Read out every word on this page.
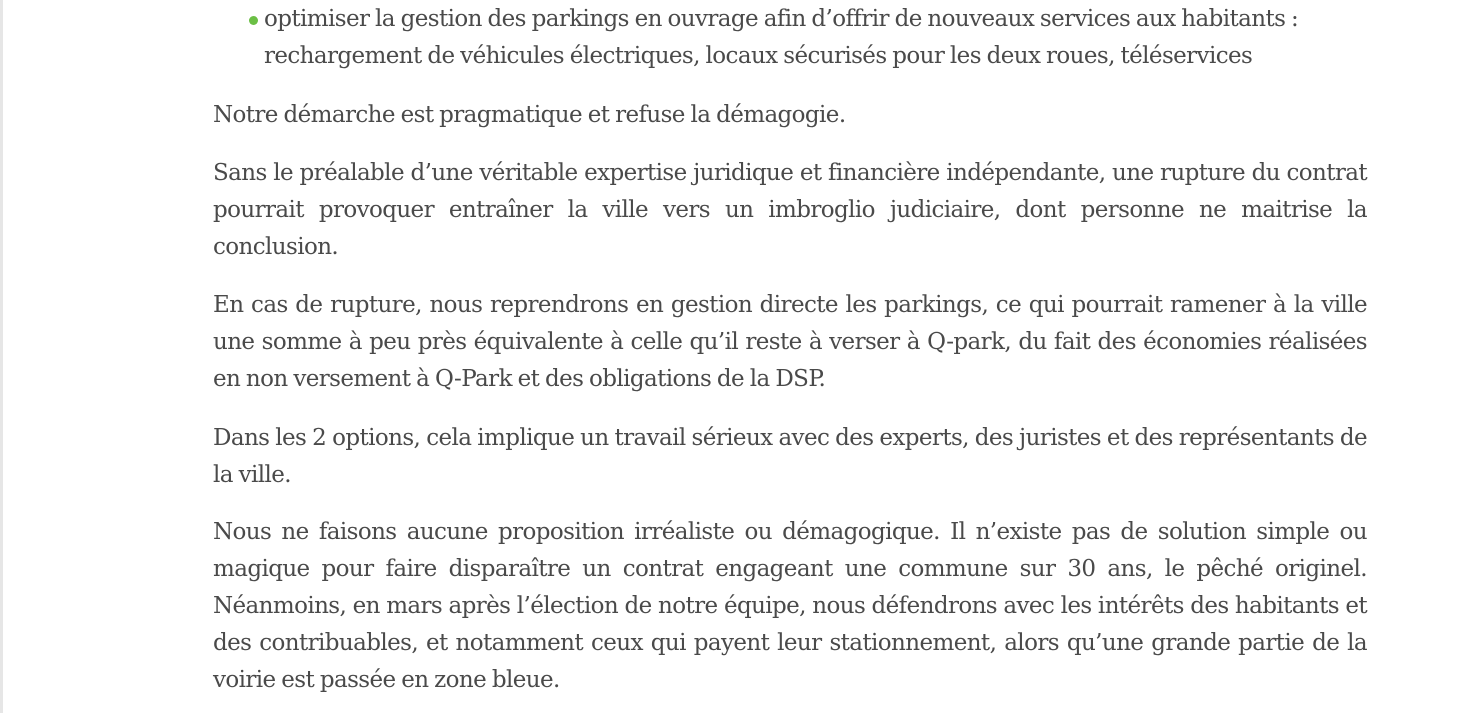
optimiser la gestion des parkings en ouvrage afin d’offrir de nouveaux services aux habitants : rechargement de véhicules électriques, locaux sécurisés pour les deux roues, téléservices

Notre démarche est pragmatique et refuse la démagogie.

Sans le préalable d’une véritable expertise juridique et financière indépendante, une rupture du contrat pourrait provoquer entraîner la ville vers un imbroglio judiciaire, dont personne ne maitrise la conclusion.

En cas de rupture, nous reprendrons en gestion directe les parkings, ce qui pourrait ramener à la ville une somme à peu près équivalente à celle qu’il reste à verser à Q-park, du fait des économies réalisées en non versement à Q-Park et des obligations de la DSP.

Dans les 2 options, cela implique un travail sérieux avec des experts, des juristes et des représentants de la ville.

Nous ne faisons aucune proposition irréaliste ou démagogique. Il n’existe pas de solution simple ou magique pour faire disparaître un contrat engageant une commune sur 30 ans, le pêché originel. Néanmoins, en mars après l’élection de notre équipe, nous défendrons avec les intérêts des habitants et des contribuables, et notamment ceux qui payent leur stationnement, alors qu’une grande partie de la voirie est passée en zone bleue.
